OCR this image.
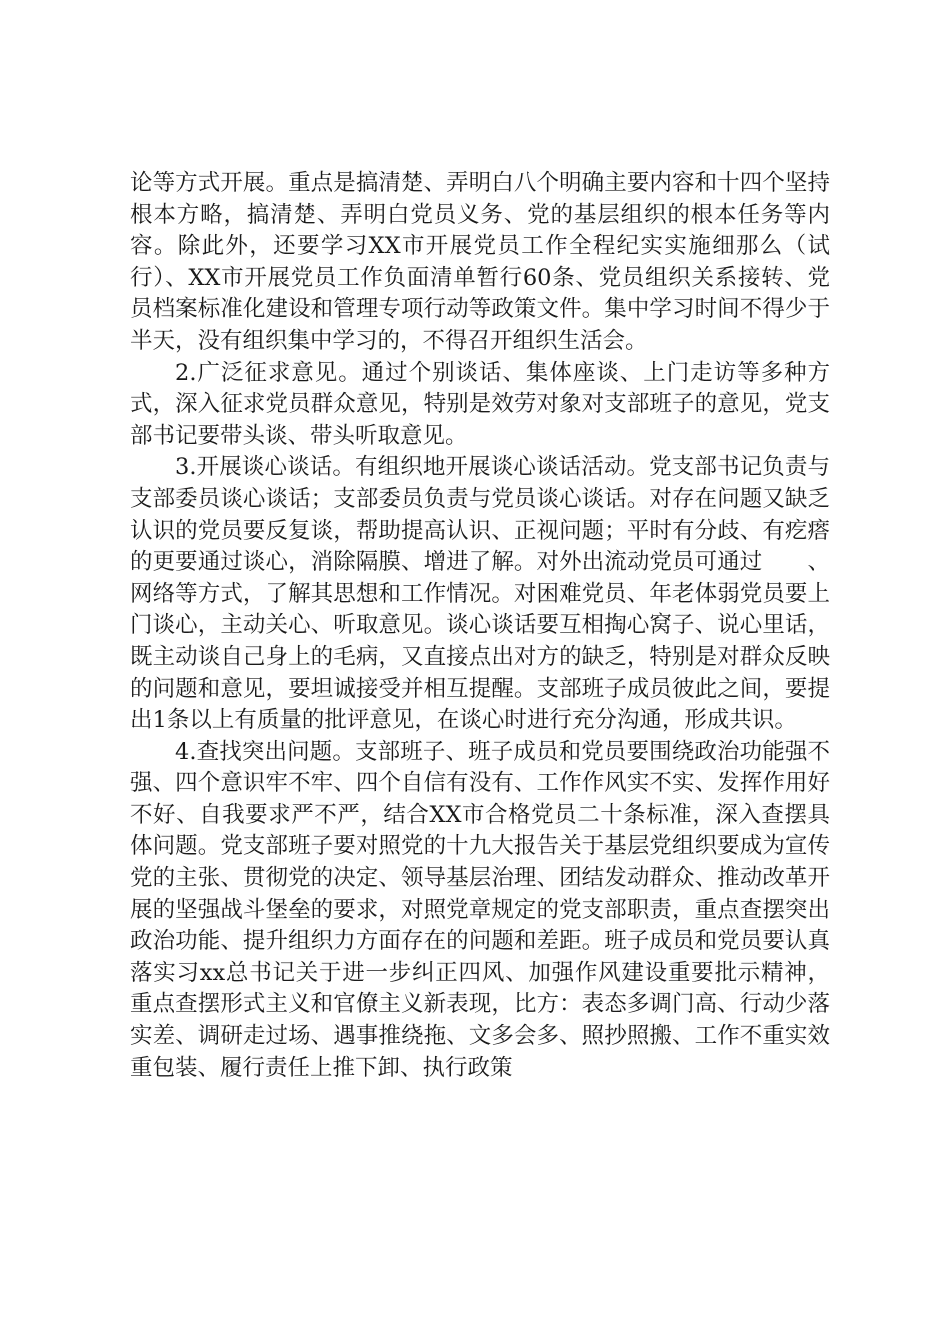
论等方式开展。重点是搞清楚、弄明白八个明确主要内容和十四个坚持根本方略，搞清楚、弄明白党员义务、党的基层组织的根本任务等内容。除此外，还要学习XX市开展党员工作全程纪实实施细那么（试行）、XX市开展党员工作负面清单暂行60条、党员组织关系接转、党员档案标准化建设和管理专项行动等政策文件。集中学习时间不得少于半天，没有组织集中学习的，不得召开组织生活会。

2.广泛征求意见。通过个别谈话、集体座谈、上门走访等多种方式，深入征求党员群众意见，特别是效劳对象对支部班子的意见，党支部书记要带头谈、带头听取意见。

3.开展谈心谈话。有组织地开展谈心谈话活动。党支部书记负责与支部委员谈心谈话；支部委员负责与党员谈心谈话。对存在问题又缺乏认识的党员要反复谈，帮助提高认识、正视问题；平时有分歧、有疙瘩的更要通过谈心，消除隔膜、增进了解。对外出流动党员可通过　　、网络等方式，了解其思想和工作情况。对困难党员、年老体弱党员要上门谈心，主动关心、听取意见。谈心谈话要互相掏心窝子、说心里话，既主动谈自己身上的毛病，又直接点出对方的缺乏，特别是对群众反映的问题和意见，要坦诚接受并相互提醒。支部班子成员彼此之间，要提出1条以上有质量的批评意见，在谈心时进行充分沟通，形成共识。

4.查找突出问题。支部班子、班子成员和党员要围绕政治功能强不强、四个意识牢不牢、四个自信有没有、工作作风实不实、发挥作用好不好、自我要求严不严，结合XX市合格党员二十条标准，深入查摆具体问题。党支部班子要对照党的十九大报告关于基层党组织要成为宣传党的主张、贯彻党的决定、领导基层治理、团结发动群众、推动改革开展的坚强战斗堡垒的要求，对照党章规定的党支部职责，重点查摆突出政治功能、提升组织力方面存在的问题和差距。班子成员和党员要认真落实习xx总书记关于进一步纠正四风、加强作风建设重要批示精神，重点查摆形式主义和官僚主义新表现，比方：表态多调门高、行动少落实差、调研走过场、遇事推绕拖、文多会多、照抄照搬、工作不重实效重包装、履行责任上推下卸、执行政策
